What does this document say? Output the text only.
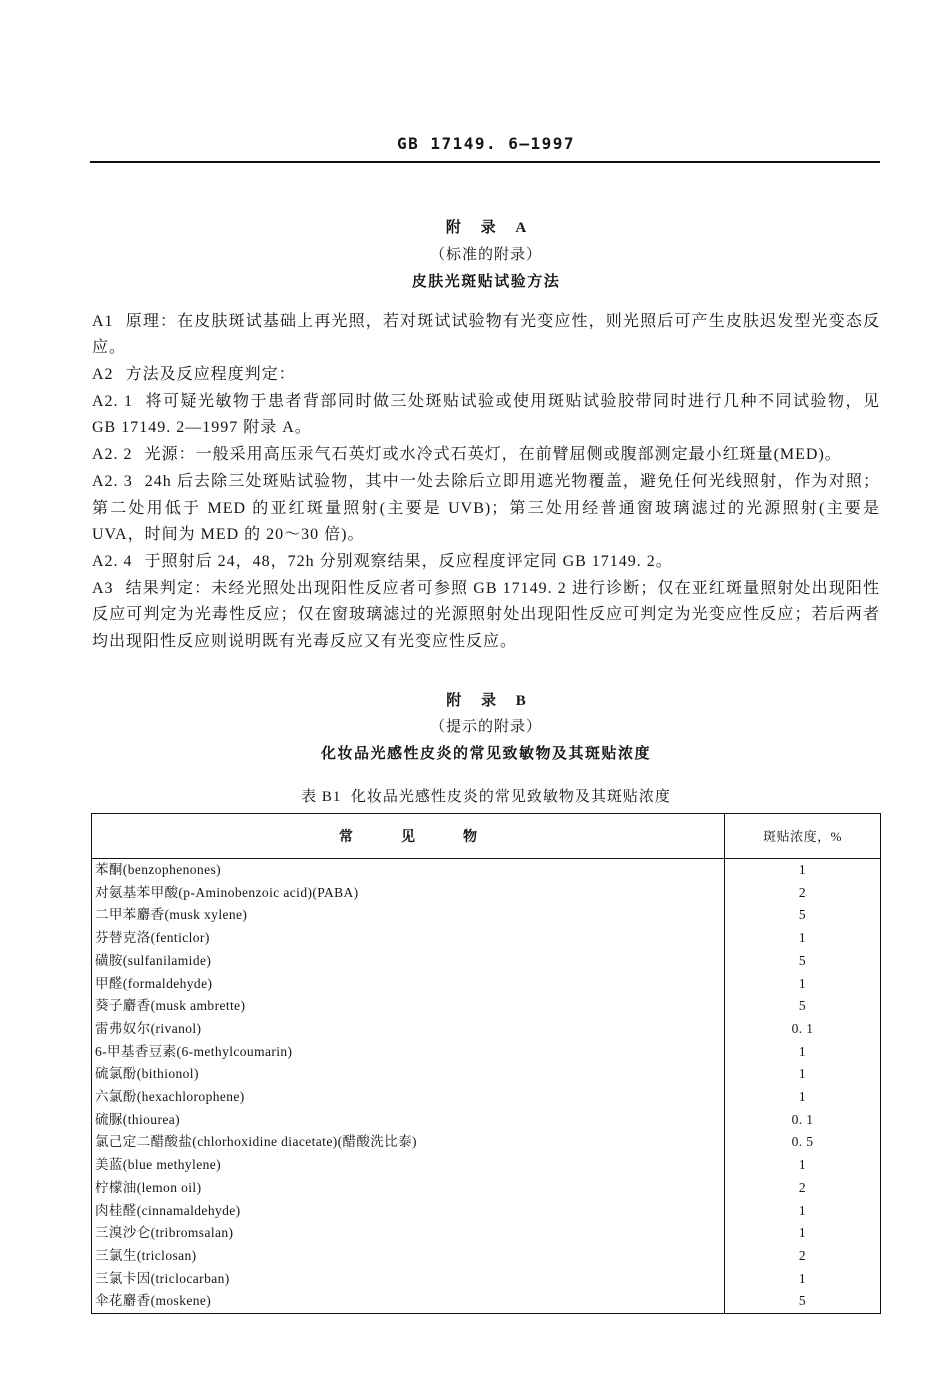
GB 17149. 6—1997
附 录 A
（标准的附录）
皮肤光斑贴试验方法

A1 原理：在皮肤斑试基础上再光照，若对斑试试验物有光变应性，则光照后可产生皮肤迟发型光变态反应。

A2 方法及反应程度判定：

A2. 1 将可疑光敏物于患者背部同时做三处斑贴试验或使用斑贴试验胶带同时进行几种不同试验物，见 GB 17149. 2—1997 附录 A。

A2. 2 光源：一般采用高压汞气石英灯或水冷式石英灯，在前臂屈侧或腹部测定最小红斑量(MED)。

A2. 3 24h 后去除三处斑贴试验物，其中一处去除后立即用遮光物覆盖，避免任何光线照射，作为对照；第二处用低于 MED 的亚红斑量照射(主要是 UVB)；第三处用经普通窗玻璃滤过的光源照射(主要是 UVA，时间为 MED 的 20～30 倍)。

A2. 4 于照射后 24，48，72h 分别观察结果，反应程度评定同 GB 17149. 2。

A3 结果判定：未经光照处出现阳性反应者可参照 GB 17149. 2 进行诊断；仅在亚红斑量照射处出现阳性反应可判定为光毒性反应；仅在窗玻璃滤过的光源照射处出现阳性反应可判定为光变应性反应；若后两者均出现阳性反应则说明既有光毒反应又有光变应性反应。

附 录 B
（提示的附录）
化妆品光感性皮炎的常见致敏物及其斑贴浓度
表 B1  化妆品光感性皮炎的常见致敏物及其斑贴浓度
常见物	斑贴浓度，%
苯酮(benzophenones)	1
对氨基苯甲酸(p-Aminobenzoic acid)(PABA)	2
二甲苯麝香(musk xylene)	5
芬替克洛(fenticlor)	1
磺胺(sulfanilamide)	5
甲醛(formaldehyde)	1
葵子麝香(musk ambrette)	5
雷弗奴尔(rivanol)	0. 1
6-甲基香豆素(6-methylcoumarin)	1
硫氯酚(bithionol)	1
六氯酚(hexachlorophene)	1
硫脲(thiourea)	0. 1
氯己定二醋酸盐(chlorhoxidine diacetate)(醋酸洗比泰)	0. 5
美蓝(blue methylene)	1
柠檬油(lemon oil)	2
肉桂醛(cinnamaldehyde)	1
三溴沙仑(tribromsalan)	1
三氯生(triclosan)	2
三氯卡因(triclocarban)	1
伞花麝香(moskene)	5
